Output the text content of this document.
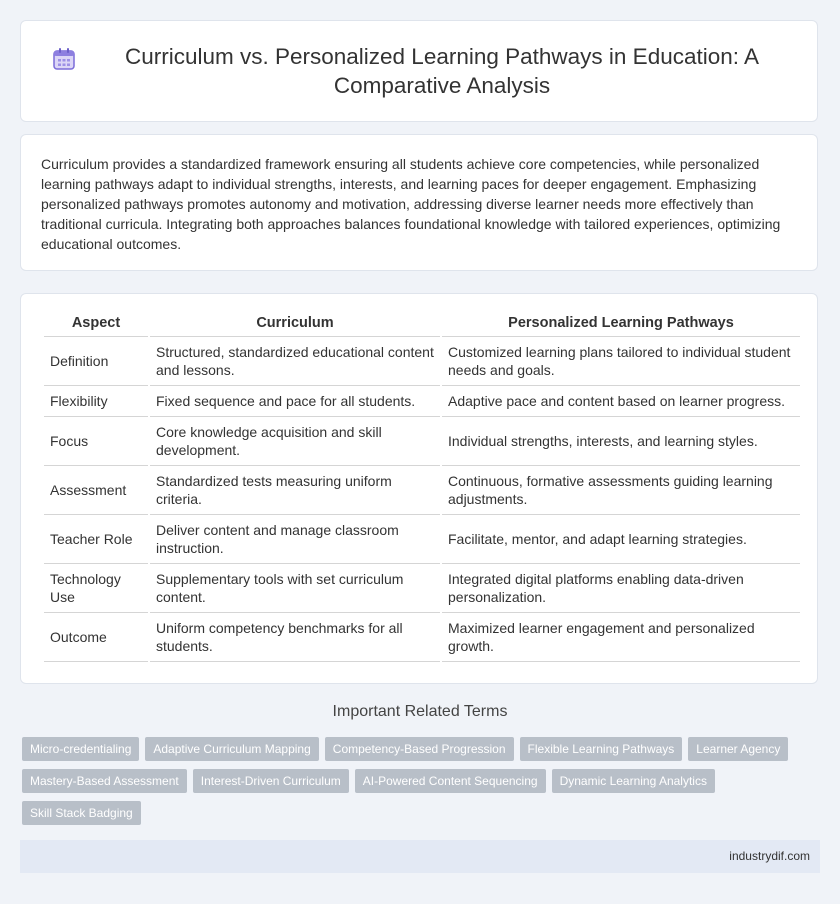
Curriculum vs. Personalized Learning Pathways in Education: A Comparative Analysis

Curriculum provides a standardized framework ensuring all students achieve core competencies, while personalized learning pathways adapt to individual strengths, interests, and learning paces for deeper engagement. Emphasizing personalized pathways promotes autonomy and motivation, addressing diverse learner needs more effectively than traditional curricula. Integrating both approaches balances foundational knowledge with tailored experiences, optimizing educational outcomes.

Aspect	Curriculum	Personalized Learning Pathways
Definition	Structured, standardized educational content and lessons.	Customized learning plans tailored to individual student needs and goals.
Flexibility	Fixed sequence and pace for all students.	Adaptive pace and content based on learner progress.
Focus	Core knowledge acquisition and skill development.	Individual strengths, interests, and learning styles.
Assessment	Standardized tests measuring uniform criteria.	Continuous, formative assessments guiding learning adjustments.
Teacher Role	Deliver content and manage classroom instruction.	Facilitate, mentor, and adapt learning strategies.
Technology Use	Supplementary tools with set curriculum content.	Integrated digital platforms enabling data-driven personalization.
Outcome	Uniform competency benchmarks for all students.	Maximized learner engagement and personalized growth.
Important Related Terms
Micro-credentialing	Adaptive Curriculum Mapping	Competency-Based Progression	Flexible Learning Pathways	Learner Agency
Mastery-Based Assessment	Interest-Driven Curriculum	AI-Powered Content Sequencing	Dynamic Learning Analytics
Skill Stack Badging
industrydif.com
